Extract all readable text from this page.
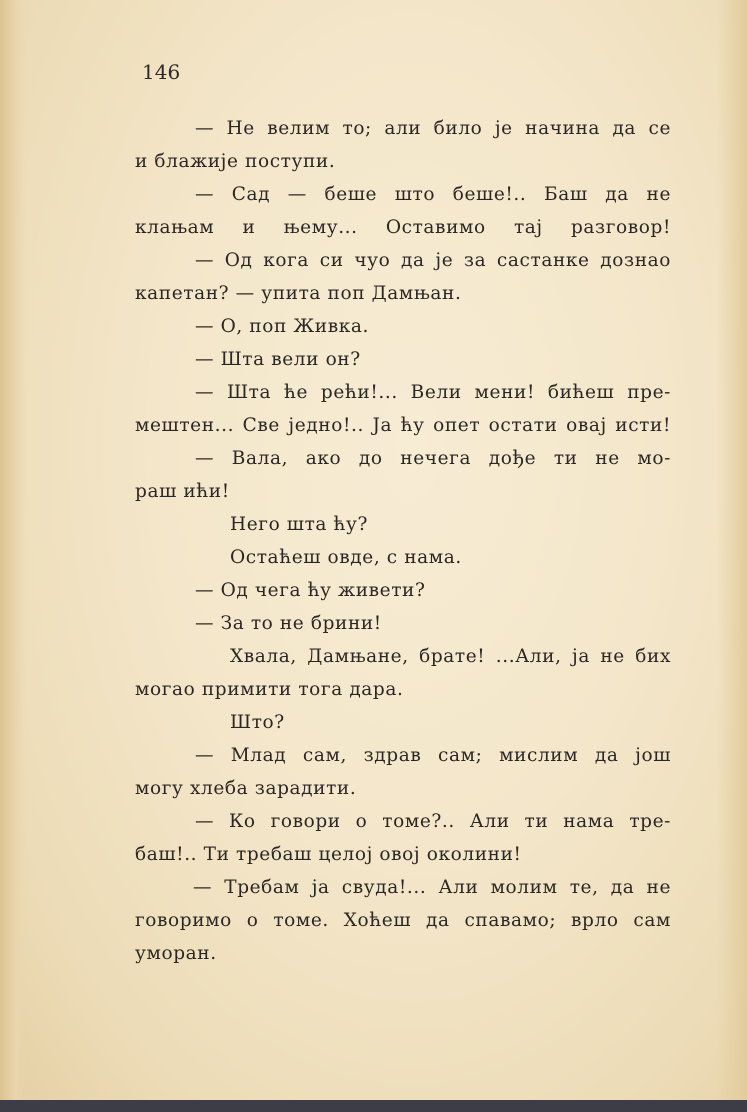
146
— Не велим то; али било је начина да се
и блажије поступи.
— Сад — беше што беше!.. Баш да не
клањам и њему... Оставимо тај разговор!
— Од кога си чуо да је за састанке дознао
капетан? — упита поп Дамњан.
— О, поп Живка.
— Шта вели он?
— Шта ће рећи!... Вели мени! бићеш пре-
мештен... Све једно!.. Ја ћу опет остати овај исти!
— Вала, ако до нечега дође ти не мо-
раш ићи!
Него шта ћу?
Остаћеш овде, с нама.
— Од чега ћу живети?
— За то не брини!
Хвала, Дамњане, брате! ...Али, ја не бих
могао примити тога дара.
Што?
— Млад сам, здрав сам; мислим да још
могу хлеба зарадити.
— Ко говори о томе?.. Али ти нама тре-
баш!.. Ти требаш целој овој околини!
— Требам ја свуда!... Али молим те, да не
говоримо о томе. Хоћеш да спавамо; врло сам
уморан.
